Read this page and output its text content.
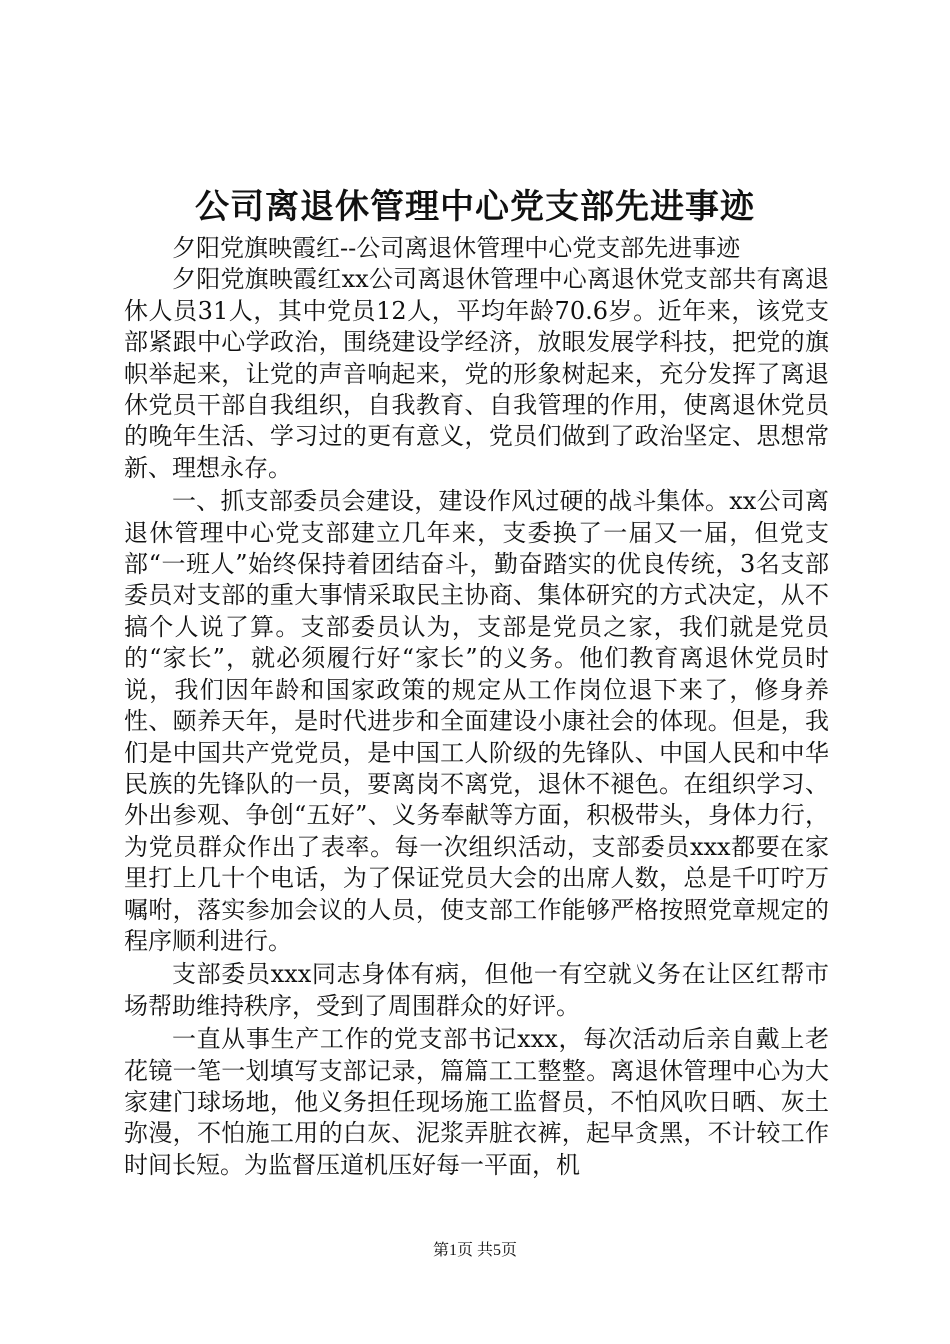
公司离退休管理中心党支部先进事迹

夕阳党旗映霞红--公司离退休管理中心党支部先进事迹

夕阳党旗映霞红xx公司离退休管理中心离退休党支部共有离退休人员31人，其中党员12人，平均年龄70.6岁。近年来，该党支部紧跟中心学政治，围绕建设学经济，放眼发展学科技，把党的旗帜举起来，让党的声音响起来，党的形象树起来，充分发挥了离退休党员干部自我组织，自我教育、自我管理的作用，使离退休党员的晚年生活、学习过的更有意义，党员们做到了政治坚定、思想常新、理想永存。

一、抓支部委员会建设，建设作风过硬的战斗集体。xx公司离退休管理中心党支部建立几年来，支委换了一届又一届，但党支部“一班人”始终保持着团结奋斗，勤奋踏实的优良传统，3名支部委员对支部的重大事情采取民主协商、集体研究的方式决定，从不搞个人说了算。支部委员认为，支部是党员之家，我们就是党员的“家长”，就必须履行好“家长”的义务。他们教育离退休党员时说，我们因年龄和国家政策的规定从工作岗位退下来了，修身养性、颐养天年，是时代进步和全面建设小康社会的体现。但是，我们是中国共产党党员，是中国工人阶级的先锋队、中国人民和中华民族的先锋队的一员，要离岗不离党，退休不褪色。在组织学习、外出参观、争创“五好”、义务奉献等方面，积极带头，身体力行，为党员群众作出了表率。每一次组织活动，支部委员xxx都要在家里打上几十个电话，为了保证党员大会的出席人数，总是千叮咛万嘱咐，落实参加会议的人员，使支部工作能够严格按照党章规定的程序顺利进行。

支部委员xxx同志身体有病，但他一有空就义务在让区红帮市场帮助维持秩序，受到了周围群众的好评。

一直从事生产工作的党支部书记xxx，每次活动后亲自戴上老花镜一笔一划填写支部记录，篇篇工工整整。离退休管理中心为大家建门球场地，他义务担任现场施工监督员，不怕风吹日晒、灰土弥漫，不怕施工用的白灰、泥浆弄脏衣裤，起早贪黑，不计较工作时间长短。为监督压道机压好每一平面，机

第1页 共5页
